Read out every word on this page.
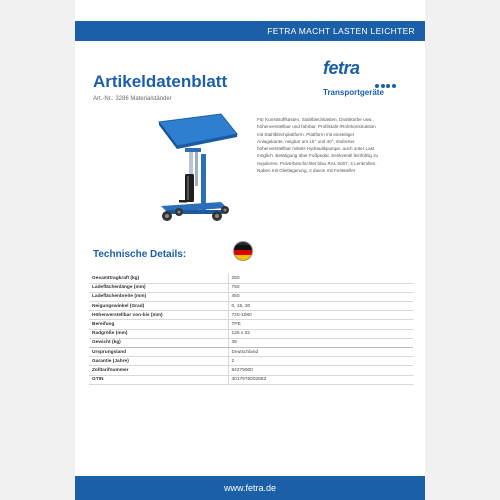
FETRA MACHT LASTEN LEICHTER
Artikeldatenblatt
Art.-Nr.: 3286 Materialständer
fetra
Transportgeräte
Für Kunststoffkästen, Stahlblechkästen, Drahtkörbe usw.,
höhenverstellbar und fahrbar. Profilstahl-/Rohrkonstruktion
mit Stahlblechplattform. Plattform mit einseitiger
Anlagekante, neigbar um 15° und 30°, stufenlos
höhenverstellbar mittels Hydraulikpumpe, auch unter Last
möglich. Betätigung über Fußpedal, Senkventil feinfühlig zu
regulieren. Pulverbeschichtet blau RAL 5007, 4 Lenkrollen.
Naben mit Gleitlagerung, 2 davon mit Feststeller
Technische Details:
Gesamttragkraft (kg)	250
Ladeflächenlänge (mm)	750
Ladeflächenbreite (mm)	450
Neigungswinkel (Grad)	0, 15, 30
Höhenverstellbar von-bis (mm)	720-1080
Bereifung	TPE
Radgröße (mm)	125 x 32
Gewicht (kg)	39
Ursprungsland	Deutschland
Garantie (Jahre)	2
Zolltarifnummer	84279000
GTIN	4017976002863
www.fetra.de
